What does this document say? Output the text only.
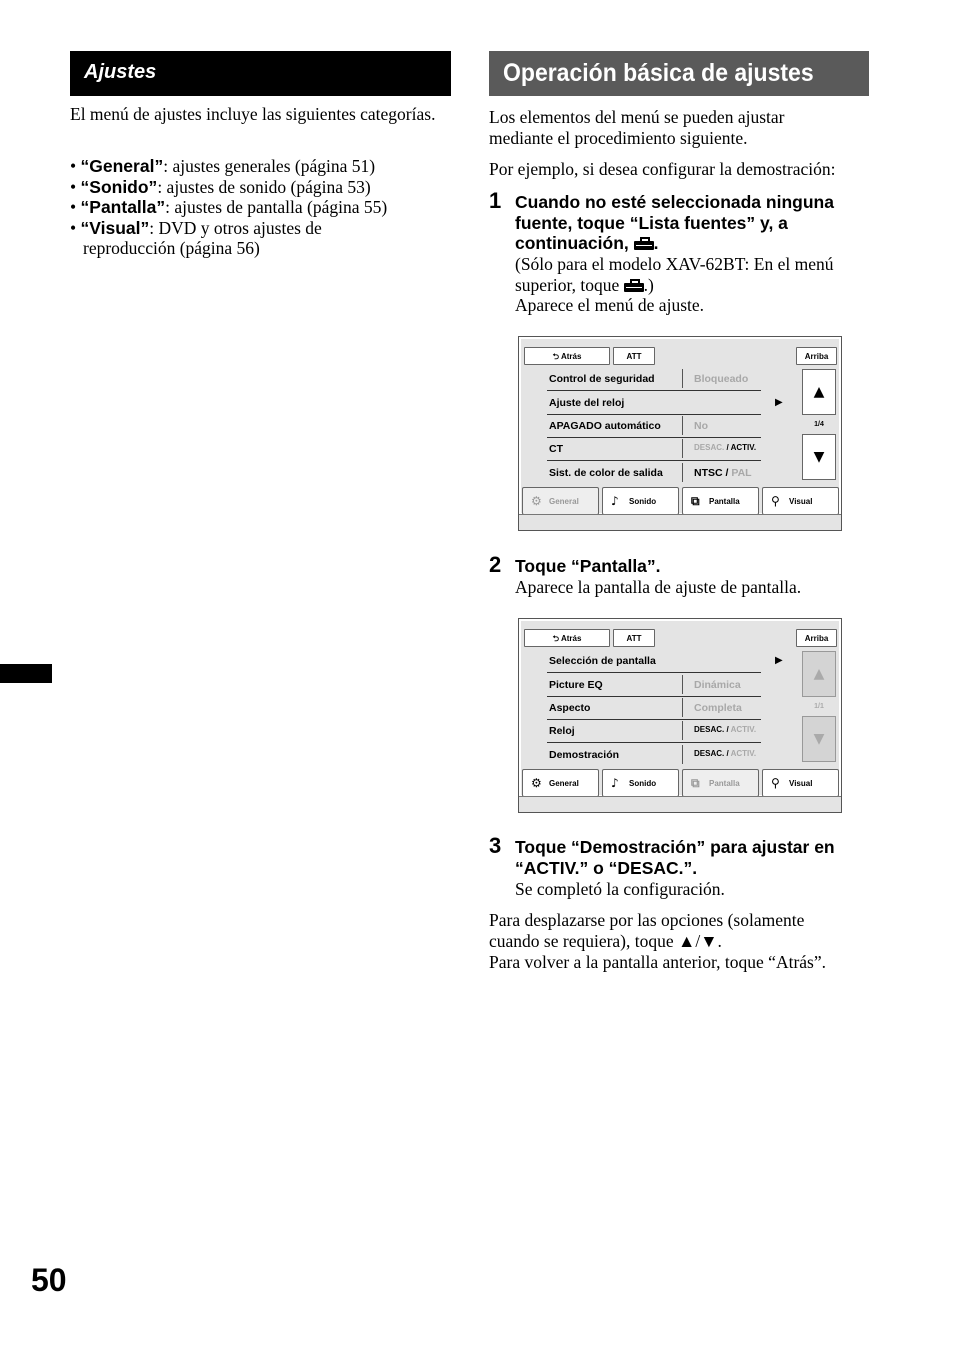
Ajustes
El menú de ajustes incluye las siguientes categorías.
• “General”: ajustes generales (página 51)
• “Sonido”: ajustes de sonido (página 53)
• “Pantalla”: ajustes de pantalla (página 55)
• “Visual”: DVD y otros ajustes de reproducción (página 56)
Operación básica de ajustes
Los elementos del menú se pueden ajustar mediante el procedimiento siguiente.
Por ejemplo, si desea configurar la demostración:
1 Cuando no esté seleccionada ninguna fuente, toque “Lista fuentes” y, a continuación, .
(Sólo para el modelo XAV-62BT: En el menú superior, toque .)
Aparece el menú de ajuste.
⮌ Atrás	ATT	Arriba
Control de seguridad	Bloqueado
Ajuste del reloj	▶
APAGADO automático	No
CT	DESAC. / ACTIV.
Sist. de color de salida	NTSC / PAL
▲
1/4
▼
⚙ General	♪ Sonido	⧉ Pantalla	⚲ Visual
2 Toque “Pantalla”.
Aparece la pantalla de ajuste de pantalla.
⮌ Atrás	ATT	Arriba
Selección de pantalla	▶
Picture EQ	Dinámica
Aspecto	Completa
Reloj	DESAC. / ACTIV.
Demostración	DESAC. / ACTIV.
▲
1/1
▼
⚙ General	♪ Sonido	⧉ Pantalla	⚲ Visual
3 Toque “Demostración” para ajustar en “ACTIV.” o “DESAC.”.
Se completó la configuración.
Para desplazarse por las opciones (solamente cuando se requiera), toque ▲/▼.
Para volver a la pantalla anterior, toque “Atrás”.
50
